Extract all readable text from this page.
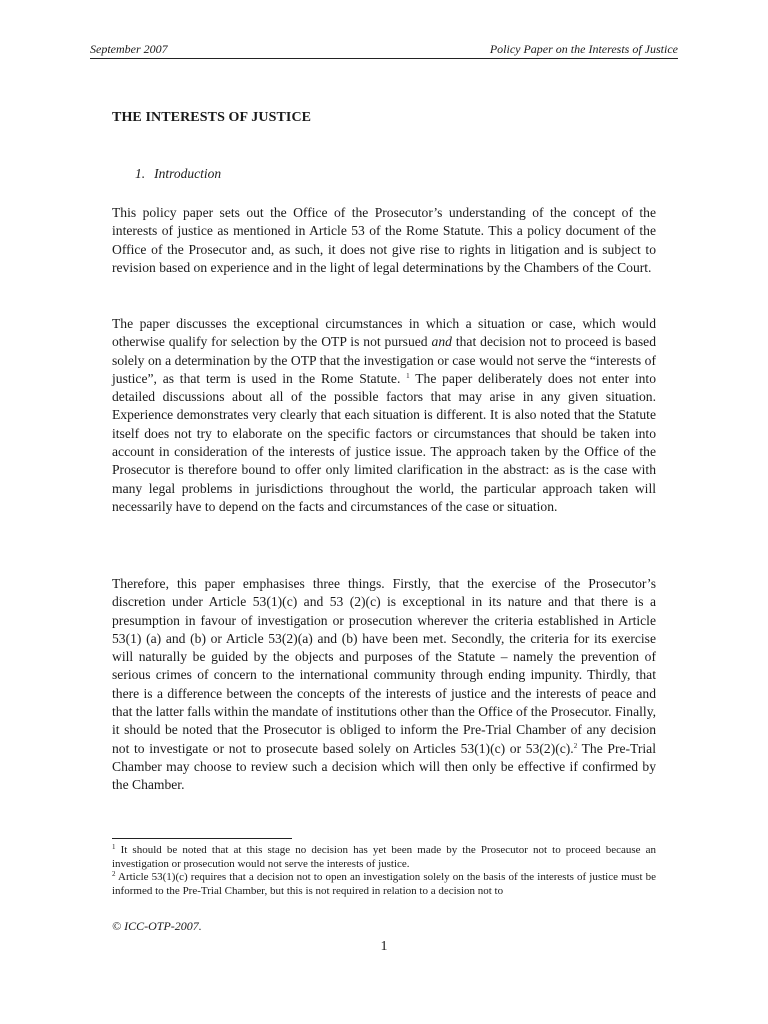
September 2007	Policy Paper on the Interests of Justice
THE INTERESTS OF JUSTICE
1. Introduction

This policy paper sets out the Office of the Prosecutor’s understanding of the concept of the interests of justice as mentioned in Article 53 of the Rome Statute. This a policy document of the Office of the Prosecutor and, as such, it does not give rise to rights in litigation and is subject to revision based on experience and in the light of legal determinations by the Chambers of the Court.

The paper discusses the exceptional circumstances in which a situation or case, which would otherwise qualify for selection by the OTP is not pursued and that decision not to proceed is based solely on a determination by the OTP that the investigation or case would not serve the “interests of justice”, as that term is used in the Rome Statute. $^1$ The paper deliberately does not enter into detailed discussions about all of the possible factors that may arise in any given situation. Experience demonstrates very clearly that each situation is different. It is also noted that the Statute itself does not try to elaborate on the specific factors or circumstances that should be taken into account in consideration of the interests of justice issue. The approach taken by the Office of the Prosecutor is therefore bound to offer only limited clarification in the abstract: as is the case with many legal problems in jurisdictions throughout the world, the particular approach taken will necessarily have to depend on the facts and circumstances of the case or situation.

Therefore, this paper emphasises three things. Firstly, that the exercise of the Prosecutor’s discretion under Article 53(1)(c) and 53 (2)(c) is exceptional in its nature and that there is a presumption in favour of investigation or prosecution wherever the criteria established in Article 53(1) (a) and (b) or Article 53(2)(a) and (b) have been met. Secondly, the criteria for its exercise will naturally be guided by the objects and purposes of the Statute – namely the prevention of serious crimes of concern to the international community through ending impunity. Thirdly, that there is a difference between the concepts of the interests of justice and the interests of peace and that the latter falls within the mandate of institutions other than the Office of the Prosecutor. Finally, it should be noted that the Prosecutor is obliged to inform the Pre-Trial Chamber of any decision not to investigate or not to prosecute based solely on Articles 53(1)(c) or 53(2)(c).$^2$ The Pre-Trial Chamber may choose to review such a decision which will then only be effective if confirmed by the Chamber.

$^1$ It should be noted that at this stage no decision has yet been made by the Prosecutor not to proceed because an investigation or prosecution would not serve the interests of justice.

$^2$ Article 53(1)(c) requires that a decision not to open an investigation solely on the basis of the interests of justice must be informed to the Pre-Trial Chamber, but this is not required in relation to a decision not to

© ICC-OTP-2007.
1
